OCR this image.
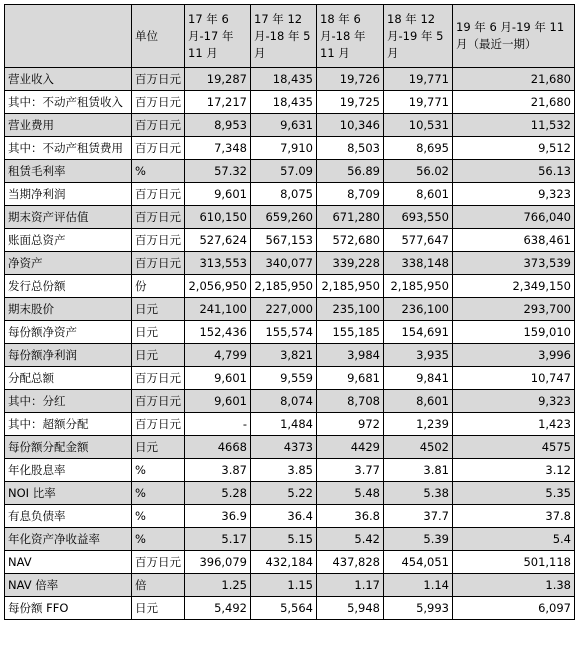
	单位	17 年 6 月-17 年 11 月	17 年 12 月-18 年 5 月	18 年 6 月-18 年 11 月	18 年 12 月-19 年 5 月	19 年 6 月-19 年 11 月（最近一期）
营业收入	百万日元	19,287	18,435	19,726	19,771	21,680
其中：不动产租赁收入	百万日元	17,217	18,435	19,725	19,771	21,680
营业费用	百万日元	8,953	9,631	10,346	10,531	11,532
其中：不动产租赁费用	百万日元	7,348	7,910	8,503	8,695	9,512
租赁毛利率	%	57.32	57.09	56.89	56.02	56.13
当期净利润	百万日元	9,601	8,075	8,709	8,601	9,323
期末资产评估值	百万日元	610,150	659,260	671,280	693,550	766,040
账面总资产	百万日元	527,624	567,153	572,680	577,647	638,461
净资产	百万日元	313,553	340,077	339,228	338,148	373,539
发行总份额	份	2,056,950	2,185,950	2,185,950	2,185,950	2,349,150
期末股价	日元	241,100	227,000	235,100	236,100	293,700
每份额净资产	日元	152,436	155,574	155,185	154,691	159,010
每份额净利润	日元	4,799	3,821	3,984	3,935	3,996
分配总额	百万日元	9,601	9,559	9,681	9,841	10,747
其中：分红	百万日元	9,601	8,074	8,708	8,601	9,323
其中：超额分配	百万日元	-	1,484	972	1,239	1,423
每份额分配金额	日元	4668	4373	4429	4502	4575
年化股息率	%	3.87	3.85	3.77	3.81	3.12
NOI 比率	%	5.28	5.22	5.48	5.38	5.35
有息负债率	%	36.9	36.4	36.8	37.7	37.8
年化资产净收益率	%	5.17	5.15	5.42	5.39	5.4
NAV	百万日元	396,079	432,184	437,828	454,051	501,118
NAV 倍率	倍	1.25	1.15	1.17	1.14	1.38
每份额 FFO	日元	5,492	5,564	5,948	5,993	6,097
